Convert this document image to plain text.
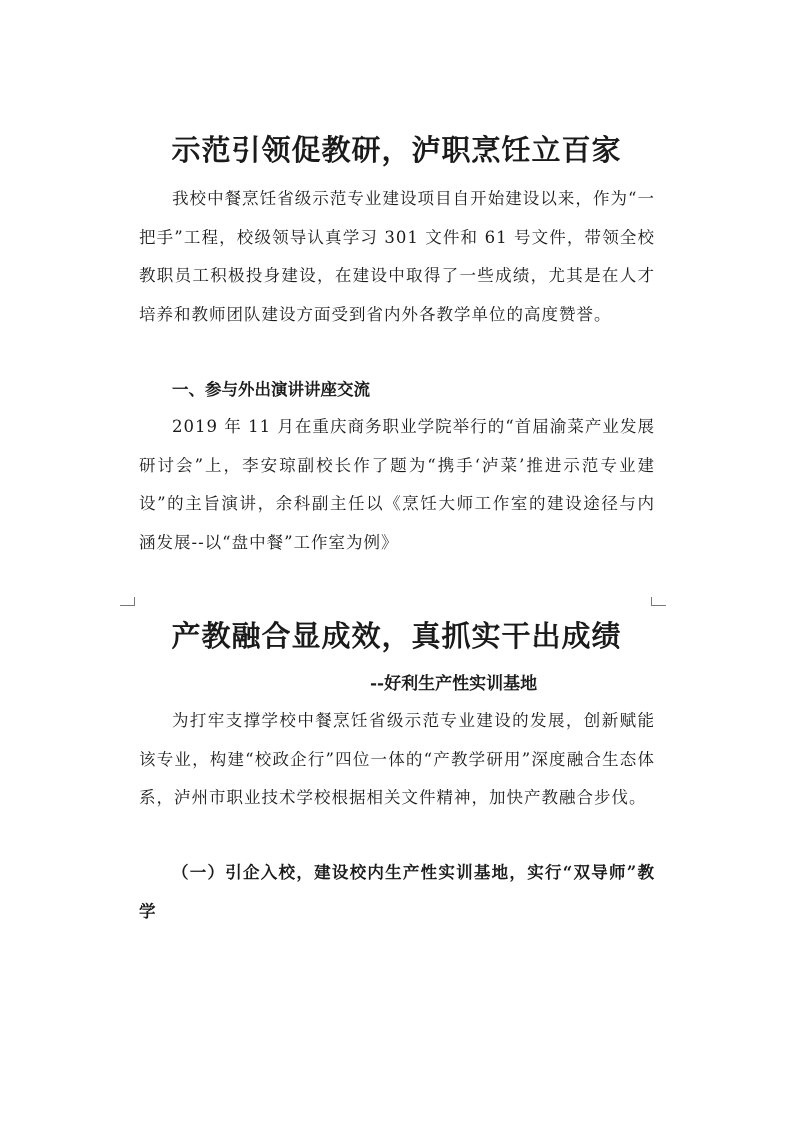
示范引领促教研，泸职烹饪立百家

我校中餐烹饪省级示范专业建设项目自开始建设以来，作为“一把手”工程，校级领导认真学习 301 文件和 61 号文件，带领全校教职员工积极投身建设，在建设中取得了一些成绩，尤其是在人才培养和教师团队建设方面受到省内外各教学单位的高度赞誉。

一、参与外出演讲讲座交流

2019 年 11 月在重庆商务职业学院举行的“首届渝菜产业发展研讨会”上，李安琼副校长作了题为“携手‘泸菜’推进示范专业建设”的主旨演讲，余科副主任以《烹饪大师工作室的建设途径与内涵发展--以“盘中餐”工作室为例》

产教融合显成效，真抓实干出成绩
--好利生产性实训基地

为打牢支撑学校中餐烹饪省级示范专业建设的发展，创新赋能该专业，构建“校政企行”四位一体的“产教学研用”深度融合生态体系，泸州市职业技术学校根据相关文件精神，加快产教融合步伐。

（一）引企入校，建设校内生产性实训基地，实行“双导师”教学
